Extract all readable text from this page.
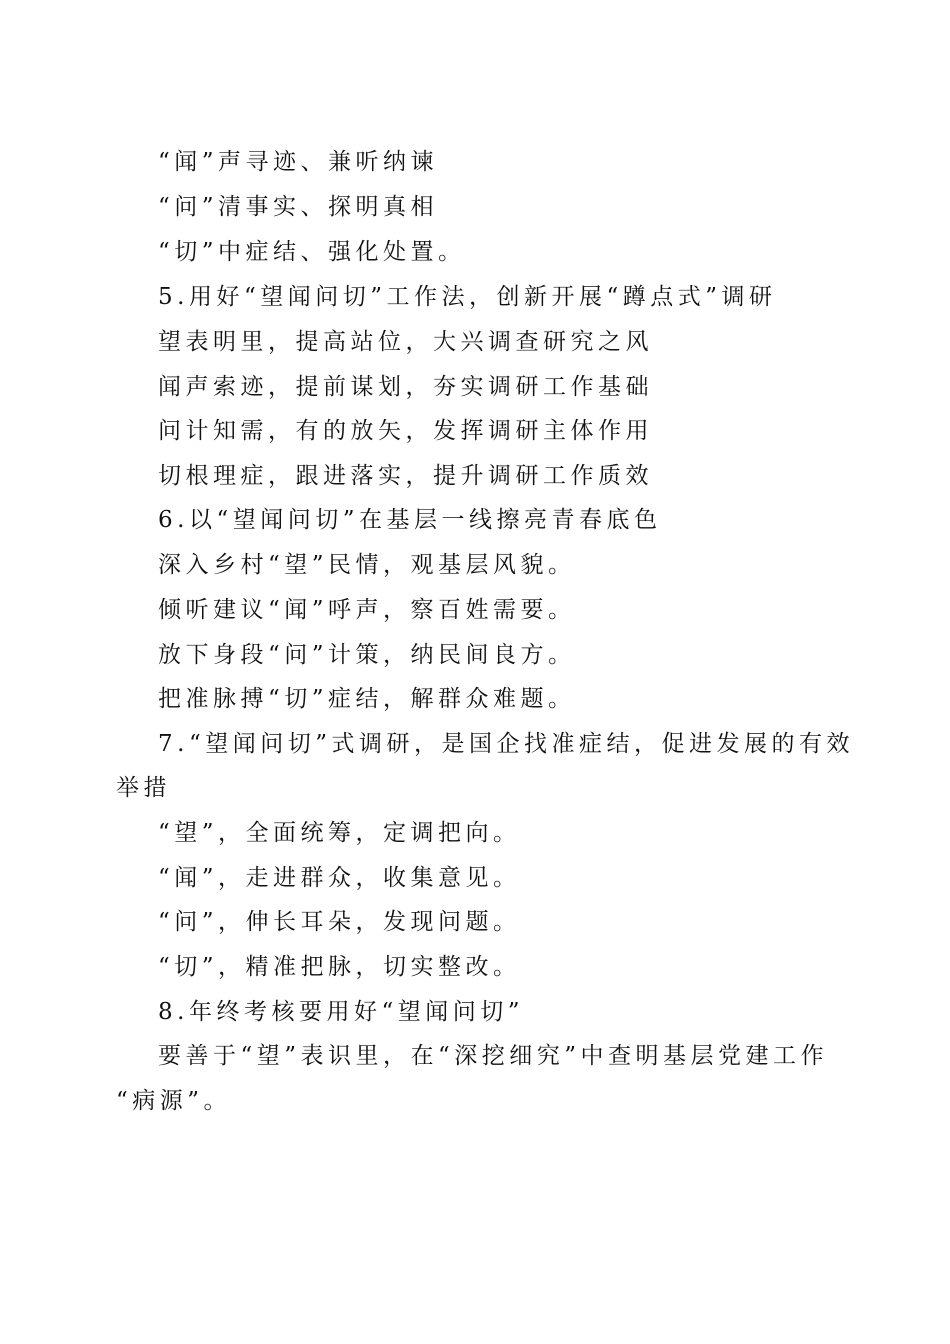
“闻”声寻迹、兼听纳谏
“问”清事实、探明真相
“切”中症结、强化处置。
5.用好“望闻问切”工作法，创新开展“蹲点式”调研
望表明里，提高站位，大兴调查研究之风
闻声索迹，提前谋划，夯实调研工作基础
问计知需，有的放矢，发挥调研主体作用
切根理症，跟进落实，提升调研工作质效
6.以“望闻问切”在基层一线擦亮青春底色
深入乡村“望”民情，观基层风貌。
倾听建议“闻”呼声，察百姓需要。
放下身段“问”计策，纳民间良方。
把准脉搏“切”症结，解群众难题。
7.“望闻问切”式调研，是国企找准症结，促进发展的有效
举措
“望”，全面统筹，定调把向。
“闻”，走进群众，收集意见。
“问”，伸长耳朵，发现问题。
“切”，精准把脉，切实整改。
8.年终考核要用好“望闻问切”
要善于“望”表识里，在“深挖细究”中查明基层党建工作
“病源”。
